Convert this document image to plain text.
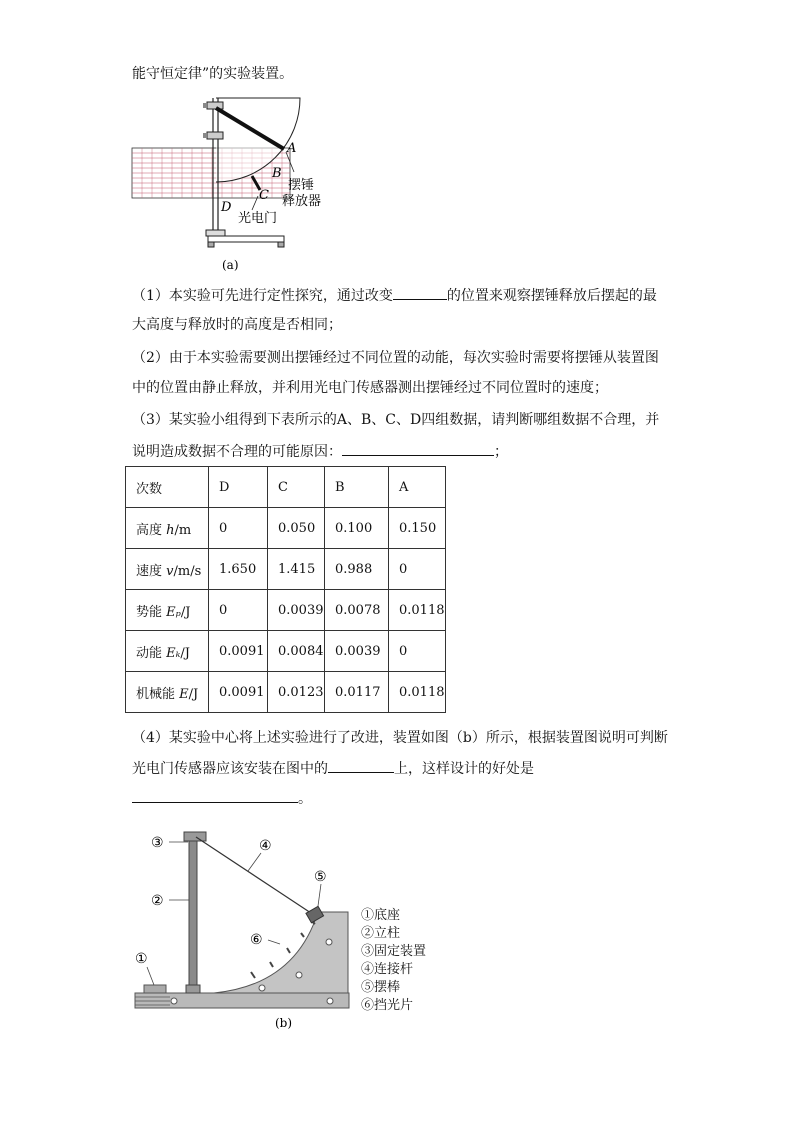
能守恒定律”的实验装置。
A
B
C
D
摆锤
释放器
光电门
(a)
（1）本实验可先进行定性探究，通过改变	的位置来观察摆锤释放后摆起的最
大高度与释放时的高度是否相同；
（2）由于本实验需要测出摆锤经过不同位置的动能，每次实验时需要将摆锤从装置图
中的位置由静止释放，并利用光电门传感器测出摆锤经过不同位置时的速度；
（3）某实验小组得到下表所示的A、B、C、D四组数据，请判断哪组数据不合理，并
说明造成数据不合理的可能原因：	；
次数	D	C	B	A
高度 h/m	0	0.050	0.100	0.150
速度 v/m/s	1.650	1.415	0.988	0
势能 Eₚ/J	0	0.0039	0.0078	0.0118
动能 Eₖ/J	0.0091	0.0084	0.0039	0
机械能 E/J	0.0091	0.0123	0.0117	0.0118
（4）某实验中心将上述实验进行了改进，装置如图（b）所示，根据装置图说明可判断
光电门传感器应该安装在图中的	上，这样设计的好处是
。
③
②
①
④
⑤
⑥
(b)
①底座
②立柱
③固定装置
④连接杆
⑤摆棒
⑥挡光片
